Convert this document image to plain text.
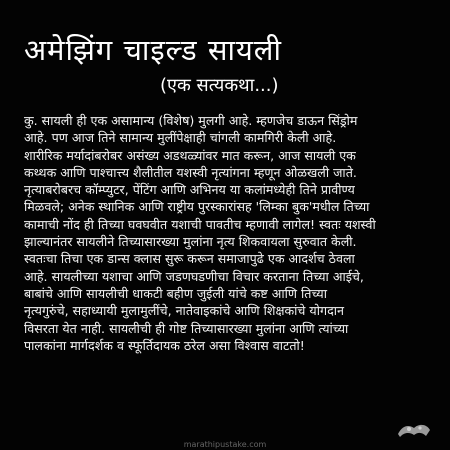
अमेझिंग चाइल्ड सायली
(एक सत्यकथा...)
कु. सायली ही एक असामान्य (विशेष) मुलगी आहे. म्हणजेच डाऊन सिंड्रोम
आहे. पण आज तिने सामान्य मुलींपेक्षाही चांगली कामगिरी केली आहे.
शारीरिक मर्यादांबरोबर असंख्य अडथळ्यांवर मात करून, आज सायली एक
कथ्थक आणि पाश्चात्त्य शैलीतील यशस्वी नृत्यांगना म्हणून ओळखली जाते.
नृत्याबरोबरच कॉम्प्युटर, पेंटिंग आणि अभिनय या कलांमध्येही तिने प्रावीण्य
मिळवले; अनेक स्थानिक आणि राष्ट्रीय पुरस्कारांसह 'लिम्का बुक'मधील तिच्या
कामाची नोंद ही तिच्या घवघवीत यशाची पावतीच म्हणावी लागेल! स्वतः यशस्वी
झाल्यानंतर सायलीने तिच्यासारख्या मुलांना नृत्य शिकवायला सुरुवात केली.
स्वतःचा तिचा एक डान्स क्लास सुरू करून समाजापुढे एक आदर्शच ठेवला
आहे. सायलीच्या यशाचा आणि जडणघडणीचा विचार करताना तिच्या आईचे,
बाबांचे आणि सायलीची धाकटी बहीण जुईली यांचे कष्ट आणि तिच्या
नृत्यगुरुंचे, सहाध्यायी मुलामुलींचे, नातेवाइकांचे आणि शिक्षकांचे योगदान
विसरता येत नाही. सायलीची ही गोष्ट तिच्यासारख्या मुलांना आणि त्यांच्या
पालकांना मार्गदर्शक व स्फूर्तिदायक ठरेल असा विश्वास वाटतो!
marathipustake.com
